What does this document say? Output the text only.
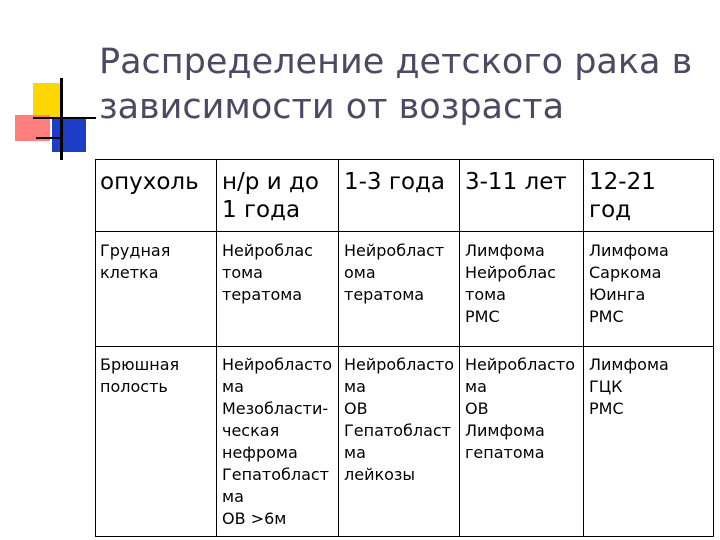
Распределение детского рака в
зависимости от возраста
опухоль	н/р и до
1 года
1-3 года 3-11 лет 12-21
год
Грудная
клетка
Нейроблас
тома
тератома
Нейробласт
ома
тератома
Лимфома
Нейроблас
тома
РМС
Лимфома
Саркома
Юинга
РМС
Брюшная
полость
Нейробласто
ма
Мезобласти-
ческая
нефрома
Гепатобласт
ма
ОВ >6м
Нейробласто
ма
ОВ
Гепатобласт
ма
лейкозы
Нейробласто
ма
ОВ
Лимфома
гепатома
Лимфома
ГЦК
РМС
